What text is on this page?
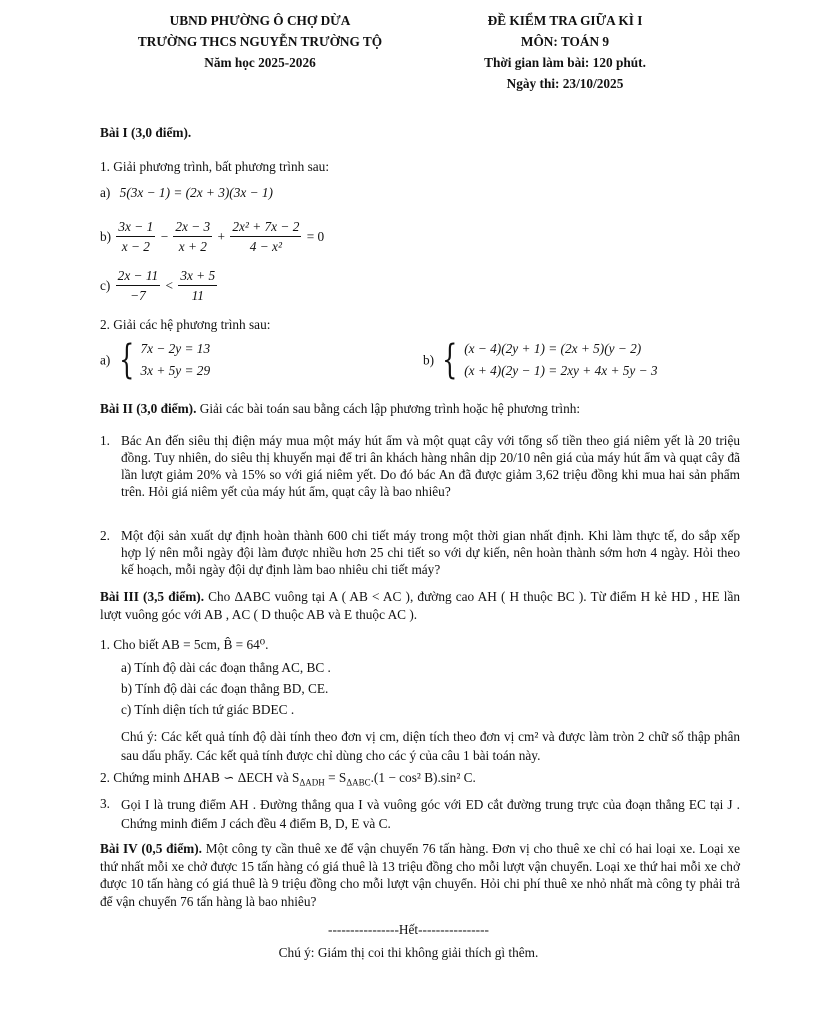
UBND PHƯỜNG Ô CHỢ DỪA
TRƯỜNG THCS NGUYỄN TRƯỜNG TỘ
Năm học 2025-2026
ĐỀ KIỂM TRA GIỮA KÌ I
MÔN: TOÁN 9
Thời gian làm bài: 120 phút.
Ngày thi: 23/10/2025
Bài I (3,0 điểm).
1. Giải phương trình, bất phương trình sau:
a) 5(3x − 1) = (2x + 3)(3x − 1)
$b) \frac{3x - 1}{x - 2} - \frac{2x - 3}{x + 2} + \frac{\text{2x² + 7x − 2}}{\text{4 − x²}} = 0$
$c) \frac{2x - 11}{-7} < \frac{3x + 5}{11}$
2. Giải các hệ phương trình sau:
a) { 7x − 2y = 13
3x + 5y = 29
b) { (x − 4)(2y + 1) = (2x + 5)(y − 2)
(x + 4)(2y − 1) = 2xy + 4x + 5y − 3
Bài II (3,0 điểm). Giải các bài toán sau bằng cách lập phương trình hoặc hệ phương trình:
1. Bác An đến siêu thị điện máy mua một máy hút ẩm và một quạt cây với tổng số tiền theo giá niêm yết là 20 triệu đồng. Tuy nhiên, do siêu thị khuyến mại để tri ân khách hàng nhân dịp 20/10 nên giá của máy hút ẩm và quạt cây đã lần lượt giảm 20% và 15% so với giá niêm yết. Do đó bác An đã được giảm 3,62 triệu đồng khi mua hai sản phẩm trên. Hỏi giá niêm yết của máy hút ẩm, quạt cây là bao nhiêu?
2. Một đội sản xuất dự định hoàn thành 600 chi tiết máy trong một thời gian nhất định. Khi làm thực tế, do sắp xếp hợp lý nên mỗi ngày đội làm được nhiều hơn 25 chi tiết so với dự kiến, nên hoàn thành sớm hơn 4 ngày. Hỏi theo kế hoạch, mỗi ngày đội dự định làm bao nhiêu chi tiết máy?
Bài III (3,5 điểm). Cho ΔABC vuông tại A ( AB < AC ), đường cao AH ( H thuộc BC ). Từ điểm H kẻ HD , HE lần lượt vuông góc với AB , AC ( D thuộc AB và E thuộc AC ).
1. Cho biết AB = 5cm, B̂ = 64⁰.
a) Tính độ dài các đoạn thẳng AC, BC .
b) Tính độ dài các đoạn thẳng BD, CE.
c) Tính diện tích tứ giác BDEC .
Chú ý: Các kết quả tính độ dài tính theo đơn vị cm, diện tích theo đơn vị cm² và được làm tròn 2 chữ số thập phân sau dấu phẩy. Các kết quả tính được chỉ dùng cho các ý của câu 1 bài toán này.
2. Chứng minh ΔHAB ∽ ΔECH và $S_{\Delta ADH} = S_{\Delta ABC}.(1 - \cos^2$ B).sin² C.
3. Gọi I là trung điểm AH . Đường thẳng qua I và vuông góc với ED cắt đường trung trực của đoạn thẳng EC tại J . Chứng minh điểm J cách đều 4 điểm B, D, E và C.
Bài IV (0,5 điểm). Một công ty cần thuê xe để vận chuyển 76 tấn hàng. Đơn vị cho thuê xe chỉ có hai loại xe. Loại xe thứ nhất mỗi xe chở được 15 tấn hàng có giá thuê là 13 triệu đồng cho mỗi lượt vận chuyển. Loại xe thứ hai mỗi xe chở được 10 tấn hàng có giá thuê là 9 triệu đồng cho mỗi lượt vận chuyển. Hỏi chi phí thuê xe nhỏ nhất mà công ty phải trả để vận chuyển 76 tấn hàng là bao nhiêu?
----------------Hết----------------
Chú ý: Giám thị coi thi không giải thích gì thêm.
